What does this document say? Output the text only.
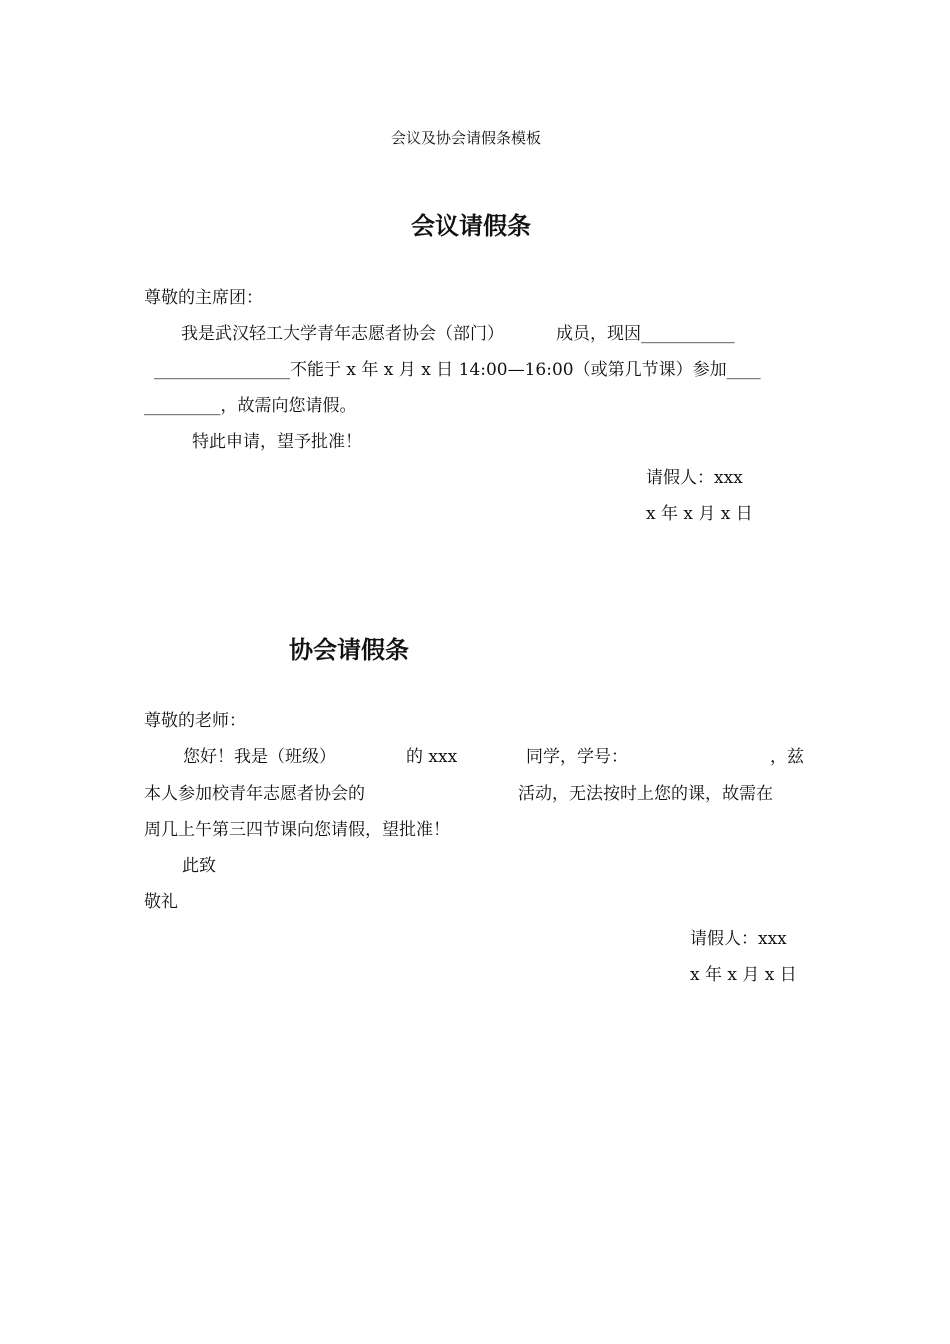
会议及协会请假条模板
会议请假条
尊敬的主席团：
我是武汉轻工大学青年志愿者协会（部门）	成员，现因___________
________________不能于 x 年 x 月 x 日 14:00—16:00（或第几节课）参加____
_________，故需向您请假。
特此申请，望予批准！
请假人：xxx
x 年 x 月 x 日
协会请假条
尊敬的老师：
您好！我是（班级）	的 xxx	同学，学号：	，兹
本人参加校青年志愿者协会的	活动，无法按时上您的课，故需在
周几上午第三四节课向您请假，望批准！
此致
敬礼
请假人：xxx
x 年 x 月 x 日
